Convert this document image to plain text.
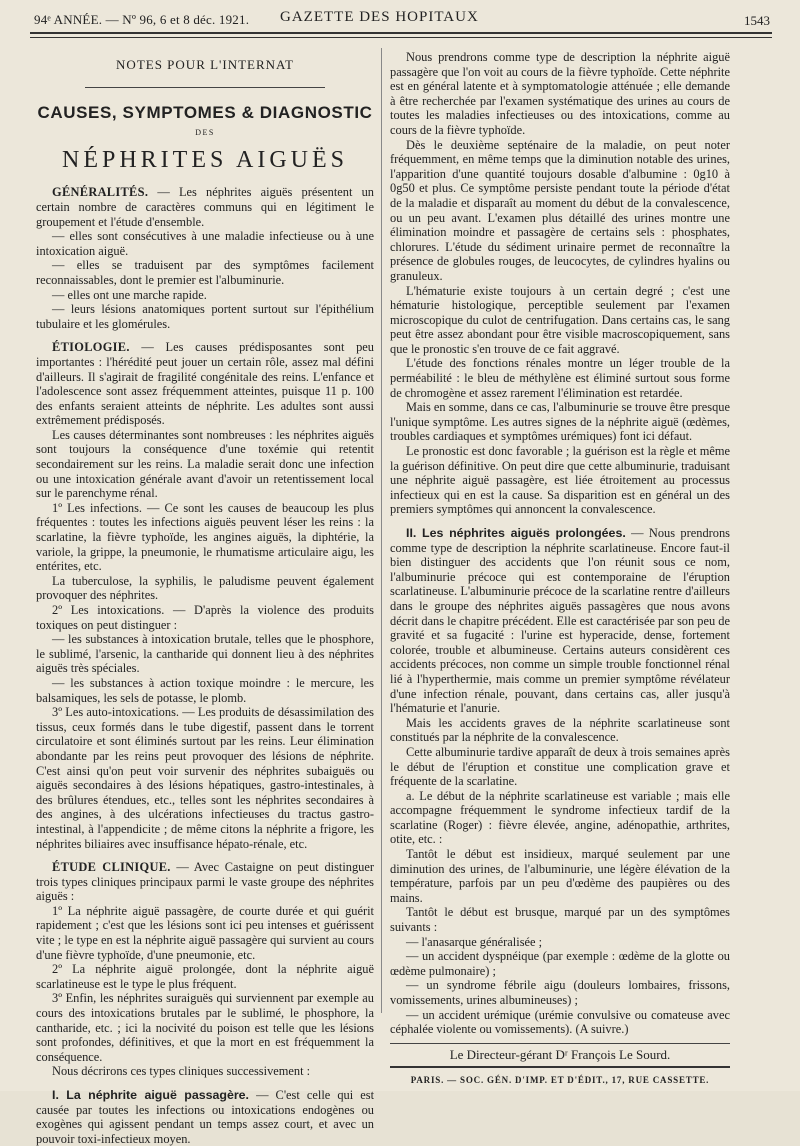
94ᵉ ANNÉE. — Nº 96, 6 et 8 déc. 1921. GAZETTE DES HOPITAUX	1543
NOTES POUR L'INTERNAT
CAUSES, SYMPTOMES & DIAGNOSTIC
DES
NÉPHRITES AIGUËS

GÉNÉRALITÉS. — Les néphrites aiguës présentent un certain nombre de caractères communs qui en légitiment le groupement et l'étude d'ensemble.

— elles sont consécutives à une maladie infectieuse ou à une intoxication aiguë.

— elles se traduisent par des symptômes facilement reconnaissables, dont le premier est l'albuminurie.

— elles ont une marche rapide.

— leurs lésions anatomiques portent surtout sur l'épithélium tubulaire et les glomérules.

ÉTIOLOGIE. — Les causes prédisposantes sont peu importantes : l'hérédité peut jouer un certain rôle, assez mal défini d'ailleurs. Il s'agirait de fragilité congénitale des reins. L'enfance et l'adolescence sont assez fréquemment atteintes, puisque 11 p. 100 des enfants seraient atteints de néphrite. Les adultes sont aussi extrêmement prédisposés.

Les causes déterminantes sont nombreuses : les néphrites aiguës sont toujours la conséquence d'une toxémie qui retentit secondairement sur les reins. La maladie serait donc une infection ou une intoxication générale avant d'avoir un retentissement local sur le parenchyme rénal.

1º Les infections. — Ce sont les causes de beaucoup les plus fréquentes : toutes les infections aiguës peuvent léser les reins : la scarlatine, la fièvre typhoïde, les angines aiguës, la diphtérie, la variole, la grippe, la pneumonie, le rhumatisme articulaire aigu, les entérites, etc.

La tuberculose, la syphilis, le paludisme peuvent également provoquer des néphrites.

2º Les intoxications. — D'après la violence des produits toxiques on peut distinguer :

— les substances à intoxication brutale, telles que le phosphore, le sublimé, l'arsenic, la cantharide qui donnent lieu à des néphrites aiguës très spéciales.

— les substances à action toxique moindre : le mercure, les balsamiques, les sels de potasse, le plomb.

3º Les auto-intoxications. — Les produits de désassimilation des tissus, ceux formés dans le tube digestif, passent dans le torrent circulatoire et sont éliminés surtout par les reins. Leur élimination abondante par les reins peut provoquer des lésions de néphrite. C'est ainsi qu'on peut voir survenir des néphrites subaiguës ou aiguës secondaires à des lésions hépatiques, gastro-intestinales, à des brûlures étendues, etc., telles sont les néphrites secondaires à des angines, à des ulcérations infectieuses du tractus gastro-intestinal, à l'appendicite ; de même citons la néphrite a frigore, les néphrites biliaires avec insuffisance hépato-rénale, etc.

ÉTUDE CLINIQUE. — Avec Castaigne on peut distinguer trois types cliniques principaux parmi le vaste groupe des néphrites aiguës :

1º La néphrite aiguë passagère, de courte durée et qui guérit rapidement ; c'est que les lésions sont ici peu intenses et guérissent vite ; le type en est la néphrite aiguë passagère qui survient au cours d'une fièvre typhoïde, d'une pneumonie, etc.

2º La néphrite aiguë prolongée, dont la néphrite aiguë scarlatineuse est le type le plus fréquent.

3º Enfin, les néphrites suraiguës qui surviennent par exemple au cours des intoxications brutales par le sublimé, le phosphore, la cantharide, etc. ; ici la nocivité du poison est telle que les lésions sont profondes, définitives, et que la mort en est fréquemment la conséquence.

Nous décrirons ces types cliniques successivement :

I. La néphrite aiguë passagère. — C'est celle qui est causée par toutes les infections ou intoxications endogènes ou exogènes qui agissent pendant un temps assez court, et avec un pouvoir toxi-infectieux moyen.

Nous prendrons comme type de description la néphrite aiguë passagère que l'on voit au cours de la fièvre typhoïde. Cette néphrite est en général latente et à symptomatologie atténuée ; elle demande à être recherchée par l'examen systématique des urines au cours de toutes les maladies infectieuses ou des intoxications, comme au cours de la fièvre typhoïde.

Dès le deuxième septénaire de la maladie, on peut noter fréquemment, en même temps que la diminution notable des urines, l'apparition d'une quantité toujours dosable d'albumine : 0g10 à 0g50 et plus. Ce symptôme persiste pendant toute la période d'état de la maladie et disparaît au moment du début de la convalescence, ou un peu avant. L'examen plus détaillé des urines montre une élimination moindre et passagère de certains sels : phosphates, chlorures. L'étude du sédiment urinaire permet de reconnaître la présence de globules rouges, de leucocytes, de cylindres hyalins ou granuleux.

L'hématurie existe toujours à un certain degré ; c'est une hématurie histologique, perceptible seulement par l'examen microscopique du culot de centrifugation. Dans certains cas, le sang peut être assez abondant pour être visible macroscopiquement, sans que le pronostic s'en trouve de ce fait aggravé.

L'étude des fonctions rénales montre un léger trouble de la perméabilité : le bleu de méthylène est éliminé surtout sous forme de chromogène et assez rarement l'élimination est retardée.

Mais en somme, dans ce cas, l'albuminurie se trouve être presque l'unique symptôme. Les autres signes de la néphrite aiguë (œdèmes, troubles cardiaques et symptômes urémiques) font ici défaut.

Le pronostic est donc favorable ; la guérison est la règle et même la guérison définitive. On peut dire que cette albuminurie, traduisant une néphrite aiguë passagère, est liée étroitement au processus infectieux qui en est la cause. Sa disparition est en général un des premiers symptômes qui annoncent la convalescence.

II. Les néphrites aiguës prolongées. — Nous prendrons comme type de description la néphrite scarlatineuse. Encore faut-il bien distinguer des accidents que l'on réunit sous ce nom, l'albuminurie précoce qui est contemporaine de l'éruption scarlatineuse. L'albuminurie précoce de la scarlatine rentre d'ailleurs dans le groupe des néphrites aiguës passagères que nous avons décrit dans le chapitre précédent. Elle est caractérisée par son peu de gravité et sa fugacité : l'urine est hyperacide, dense, fortement colorée, trouble et albumineuse. Certains auteurs considèrent ces accidents précoces, non comme un simple trouble fonctionnel rénal lié à l'hyperthermie, mais comme un premier symptôme révélateur d'une infection rénale, pouvant, dans certains cas, aller jusqu'à l'hématurie et l'anurie.

Mais les accidents graves de la néphrite scarlatineuse sont constitués par la néphrite de la convalescence.

Cette albuminurie tardive apparaît de deux à trois semaines après le début de l'éruption et constitue une complication grave et fréquente de la scarlatine.

a. Le début de la néphrite scarlatineuse est variable ; mais elle accompagne fréquemment le syndrome infectieux tardif de la scarlatine (Roger) : fièvre élevée, angine, adénopathie, arthrites, otite, etc. :

Tantôt le début est insidieux, marqué seulement par une diminution des urines, de l'albuminurie, une légère élévation de la température, parfois par un peu d'œdème des paupières ou des mains.

Tantôt le début est brusque, marqué par un des symptômes suivants :

— l'anasarque généralisée ;

— un accident dyspnéique (par exemple : œdème de la glotte ou œdème pulmonaire) ;

— un syndrome fébrile aigu (douleurs lombaires, frissons, vomissements, urines albumineuses) ;

— un accident urémique (urémie convulsive ou comateuse avec céphalée violente ou vomissements). (A suivre.)

Le Directeur-gérant Dʳ François Le Sourd.
PARIS. — SOC. GÉN. D'IMP. ET D'ÉDIT., 17, RUE CASSETTE.
